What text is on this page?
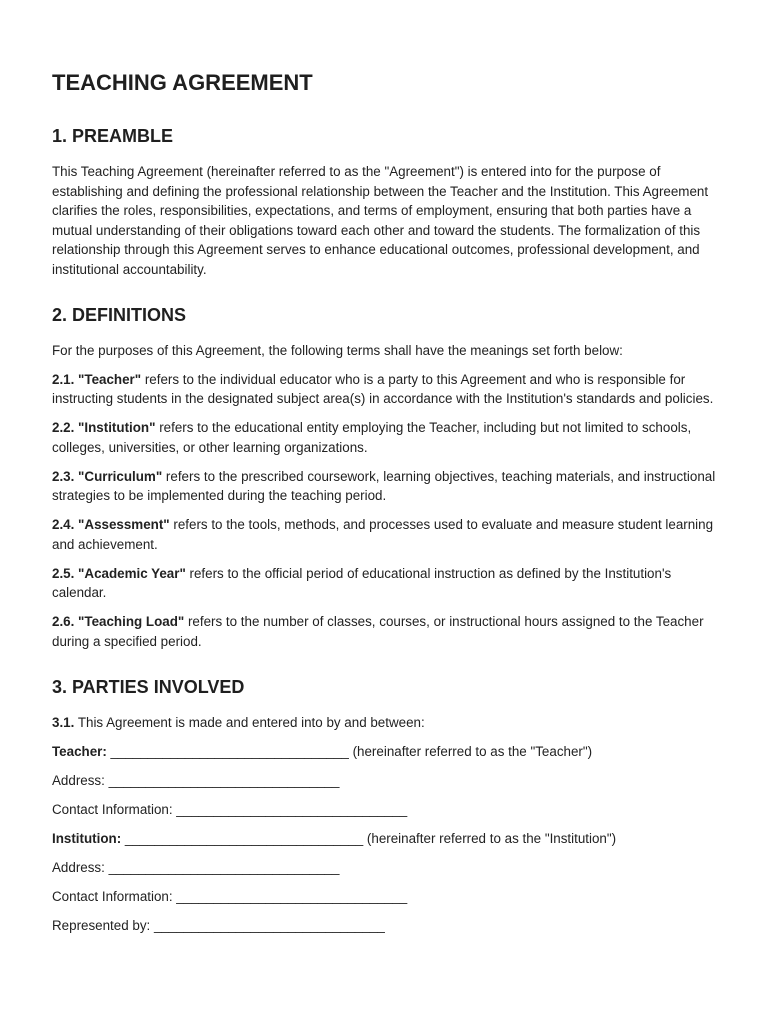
TEACHING AGREEMENT
1. PREAMBLE

This Teaching Agreement (hereinafter referred to as the "Agreement") is entered into for the purpose of establishing and defining the professional relationship between the Teacher and the Institution. This Agreement clarifies the roles, responsibilities, expectations, and terms of employment, ensuring that both parties have a mutual understanding of their obligations toward each other and toward the students. The formalization of this relationship through this Agreement serves to enhance educational outcomes, professional development, and institutional accountability.

2. DEFINITIONS

For the purposes of this Agreement, the following terms shall have the meanings set forth below:

2.1. "Teacher" refers to the individual educator who is a party to this Agreement and who is responsible for instructing students in the designated subject area(s) in accordance with the Institution's standards and policies.

2.2. "Institution" refers to the educational entity employing the Teacher, including but not limited to schools, colleges, universities, or other learning organizations.

2.3. "Curriculum" refers to the prescribed coursework, learning objectives, teaching materials, and instructional strategies to be implemented during the teaching period.

2.4. "Assessment" refers to the tools, methods, and processes used to evaluate and measure student learning and achievement.

2.5. "Academic Year" refers to the official period of educational instruction as defined by the Institution's calendar.

2.6. "Teaching Load" refers to the number of classes, courses, or instructional hours assigned to the Teacher during a specified period.

3. PARTIES INVOLVED

3.1. This Agreement is made and entered into by and between:

Teacher: ________________________________ (hereinafter referred to as the "Teacher")

Address: _______________________________

Contact Information: _______________________________

Institution: ________________________________ (hereinafter referred to as the "Institution")

Address: _______________________________

Contact Information: _______________________________

Represented by: _______________________________
